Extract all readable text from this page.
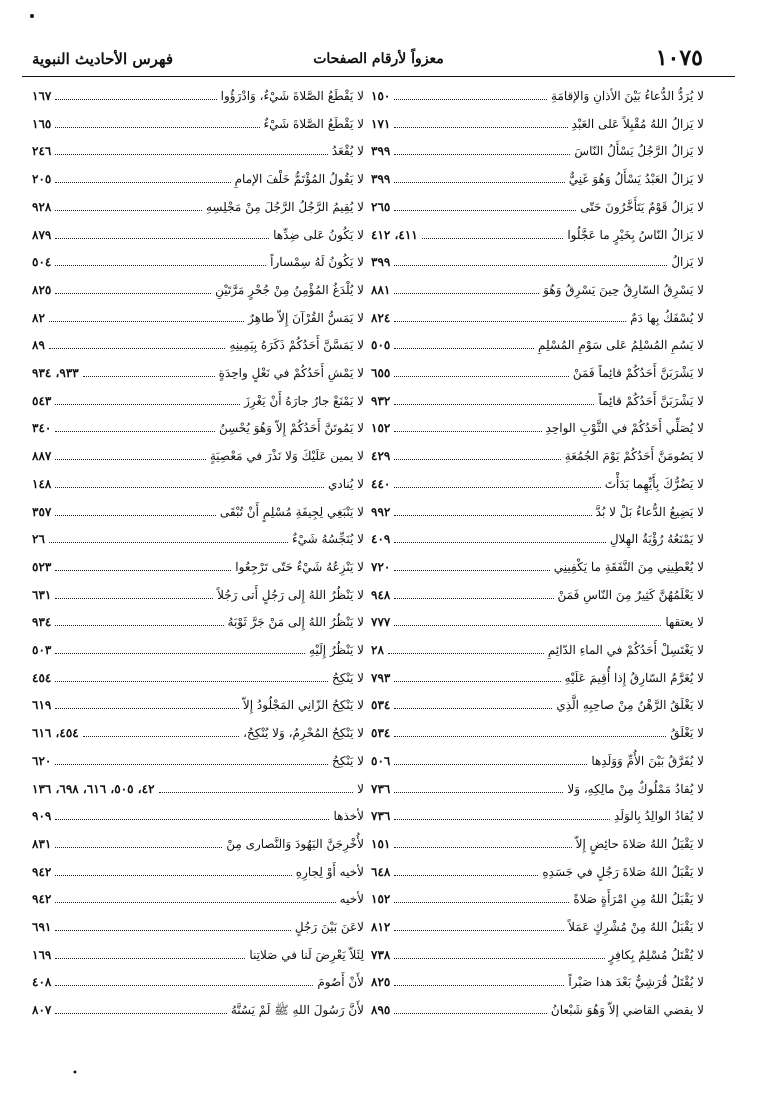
١٠٧٥
معزواً لأرقام الصفحات
فهرس الأحاديث النبوية
لا يُرَدُّ الدُّعاءُ بَيْنَ الأذانِ وَالإقامَةِ
١٥٠
لا يَزالُ اللهُ مُقْبِلاً عَلى العَبْدِ
١٧١
لا يَزالُ الرَّجُلُ يَسْأَلُ النّاسَ
٣٩٩
لا يَزالُ العَبْدُ يَسْأَلُ وَهُوَ غَنِيٌّ
٣٩٩
لا يَزالُ قَوْمٌ يَتَأَخَّرُونَ حَتّى
٢٦٥
لا يَزالُ النّاسُ بِخَيْرٍ ما عَجَّلُوا
٤١١، ٤١٢
لا يَزالُ
٣٩٩
لا يَسْرِقُ السّارِقُ حِينَ يَسْرِقُ وَهُوَ
٨٨١
لا يُسْفَكُ بِها دَمٌ
٨٢٤
لا يَسُمِ المُسْلِمُ عَلى سَوْمِ المُسْلِمِ
٥٠٥
لا يَشْرَبَنَّ أَحَدُكُمْ قائِماً فَمَنْ
٦٥٥
لا يَشْرَبَنَّ أَحَدُكُمْ قائِماً
٩٣٢
لا يُصَلِّي أَحَدُكُمْ في الثَّوْبِ الواحِدِ
١٥٢
لا يَصُومَنَّ أَحَدُكُمْ يَوْمَ الجُمُعَةِ
٤٢٩
لا يَضُرُّكَ بِأَيِّهِما بَدَأْتَ
٤٤٠
لا يَضِيعُ الدُّعاءُ بَلْ لا بُدَّ
٩٩٢
لا يَمْنَعُهُ رُؤْيَةُ الهِلالِ
٤٠٩
لا يُعْطِينِي مِنَ النَّفَقَةِ ما يَكْفِينِي
٧٢٠
لا يَعْلَمُهُنَّ كَثِيرٌ مِنَ النّاسِ فَمَنْ
٩٤٨
لا يعتقها
٧٧٧
لا يَغْتَسِلْ أَحَدُكُمْ في الماءِ الدّائِمِ
٢٨
لا يُغَرَّمُ السّارِقُ إِذا أُقِيمَ عَلَيْهِ
٧٩٣
لا يَغْلَقُ الرَّهْنُ مِنْ صاحِبِهِ الَّذِي
٥٣٤
لا يَغْلَقُ
٥٣٤
لا يُفَرَّقُ بَيْنَ الأُمِّ وَوَلَدِها
٥٠٦
لا يُقادُ مَمْلُوكٌ مِنْ مالِكِهِ، وَلا
٧٣٦
لا يُقادُ الوالِدُ بِالوَلَدِ
٧٣٦
لا يَقْبَلُ اللهُ صَلاةَ حائِضٍ إِلاّ
١٥١
لا يَقْبَلُ اللهُ صَلاةَ رَجُلٍ في جَسَدِهِ
٦٤٨
لا يَقْبَلُ اللهُ مِنِ امْرَأَةٍ صَلاةً
١٥٢
لا يَقْبَلُ اللهُ مِنْ مُشْرِكٍ عَمَلاً
٨١٢
لا يُقْتَلُ مُسْلِمٌ بِكافِرٍ
٧٣٨
لا يُقْتَلُ قُرَشِيٌّ بَعْدَ هذا صَبْراً
٨٢٥
لا يقضي القاضي إلاّ وَهُوَ شَبْعانُ
٨٩٥
لا يَقْطَعُ الصَّلاةَ شَيْءٌ، وَادْرَؤُوا
١٦٧
لا يَقْطَعُ الصَّلاةَ شَيْءٌ
١٦٥
لا يُقْعَدُ
٢٤٦
لا يَقُولُ المُؤْتَمُّ خَلْفَ الإمامِ
٢٠٥
لا يُقِيمُ الرَّجُلُ الرَّجُلَ مِنْ مَجْلِسِهِ
٩٢٨
لا يَكُونُ عَلى ضِدِّها
٨٧٩
لا يَكُونُ لَهُ سِمْساراً
٥٠٤
لا يُلْدَغُ المُؤْمِنُ مِنْ جُحْرٍ مَرَّتَيْنِ
٨٢٥
لا يَمَسُّ القُرْآنَ إِلاّ طاهِرٌ
٨٢
لا يَمَسَّنَّ أَحَدُكُمْ ذَكَرَهُ بِيَمِينِهِ
٨٩
لا يَمْشِ أَحَدُكُمْ في نَعْلٍ واحِدَةٍ
٩٣٣، ٩٣٤
لا يَمْنَعْ جارٌ جارَهُ أَنْ يَغْرِزَ
٥٤٣
لا يَمُوتَنَّ أَحَدُكُمْ إِلاّ وَهُوَ يُحْسِنُ
٣٤٠
لا يمين عَلَيْكَ وَلا نَذْرَ في مَعْصِيَةٍ
٨٨٧
لا يُنادي
١٤٨
لا يَنْبَغِي لِجِيفَةِ مُسْلِمٍ أَنْ تُبْقَى
٣٥٧
لا يُنَجِّسُهُ شَيْءٌ
٢٦
لا يَنْزِعُهُ شَيْءٌ حَتّى تَرْجِعُوا
٥٢٣
لا يَنْظُرُ اللهُ إِلى رَجُلٍ أَتى رَجُلاً
٦٣١
لا يَنْظُرُ اللهُ إِلى مَنْ جَرَّ ثَوْبَهُ
٩٣٤
لا يَنْظُرُ إِلَيْهِ
٥٠٣
لا يَنْكِحُ
٤٥٤
لا يَنْكِحُ الزّانِي المَجْلُودُ إِلاّ
٦١٩
لا يَنْكِحُ المُحْرِمُ، وَلا يُنْكِحُ،
٤٥٤، ٦١٦
لا يَنْكِحُ
٦٢٠
لا
٤٢، ٥٠٥، ٦١٦، ٦٩٨، ١٣٦
لأخذها
٩٠٩
لأُخْرِجَنَّ اليَهُودَ وَالنَّصارى مِنْ
٨٣١
لأخيه أَوْ لِجارِهِ
٩٤٢
لأخيه
٩٤٢
لاعَنَ بَيْنَ رَجُلٍ
٦٩١
لِئَلاّ يَعْرِضَ لَنا في صَلاتِنا
١٦٩
لأَنْ أَصُومَ
٤٠٨
لأَنَّ رَسُولَ اللهِ ﷺ لَمْ يَسُنَّهُ
٨٠٧
•
